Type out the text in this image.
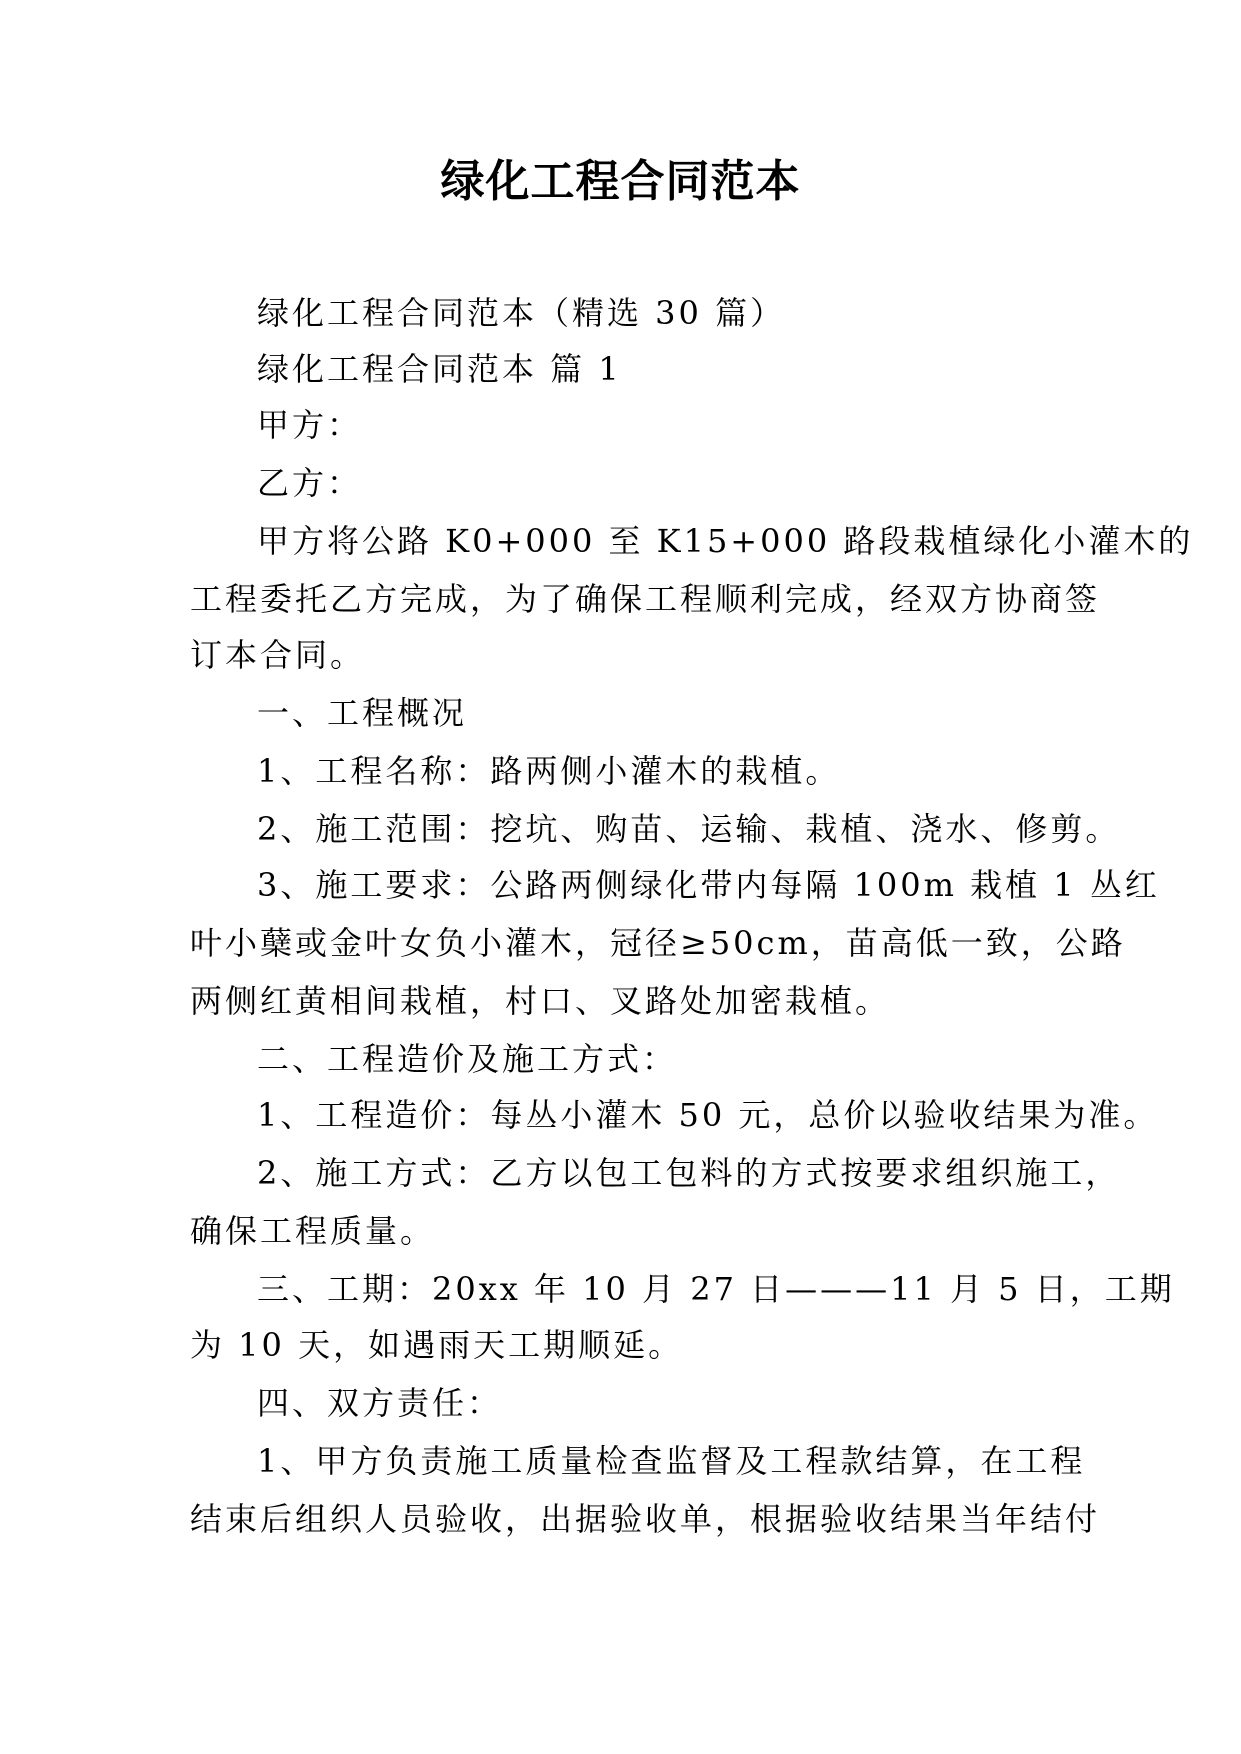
绿化工程合同范本
绿化工程合同范本（精选 30 篇）
绿化工程合同范本 篇 1
甲方：
乙方：
甲方将公路 K0+000 至 K15+000 路段栽植绿化小灌木的
工程委托乙方完成，为了确保工程顺利完成，经双方协商签
订本合同。
一、工程概况
1、工程名称：路两侧小灌木的栽植。
2、施工范围：挖坑、购苗、运输、栽植、浇水、修剪。
3、施工要求：公路两侧绿化带内每隔 100m 栽植 1 丛红
叶小蘖或金叶女负小灌木，冠径≥50cm，苗高低一致，公路
两侧红黄相间栽植，村口、叉路处加密栽植。
二、工程造价及施工方式：
1、工程造价：每丛小灌木 50 元，总价以验收结果为准。
2、施工方式：乙方以包工包料的方式按要求组织施工，
确保工程质量。
三、工期：20xx 年 10 月 27 日———11 月 5 日，工期
为 10 天，如遇雨天工期顺延。
四、双方责任：
1、甲方负责施工质量检查监督及工程款结算，在工程
结束后组织人员验收，出据验收单，根据验收结果当年结付
